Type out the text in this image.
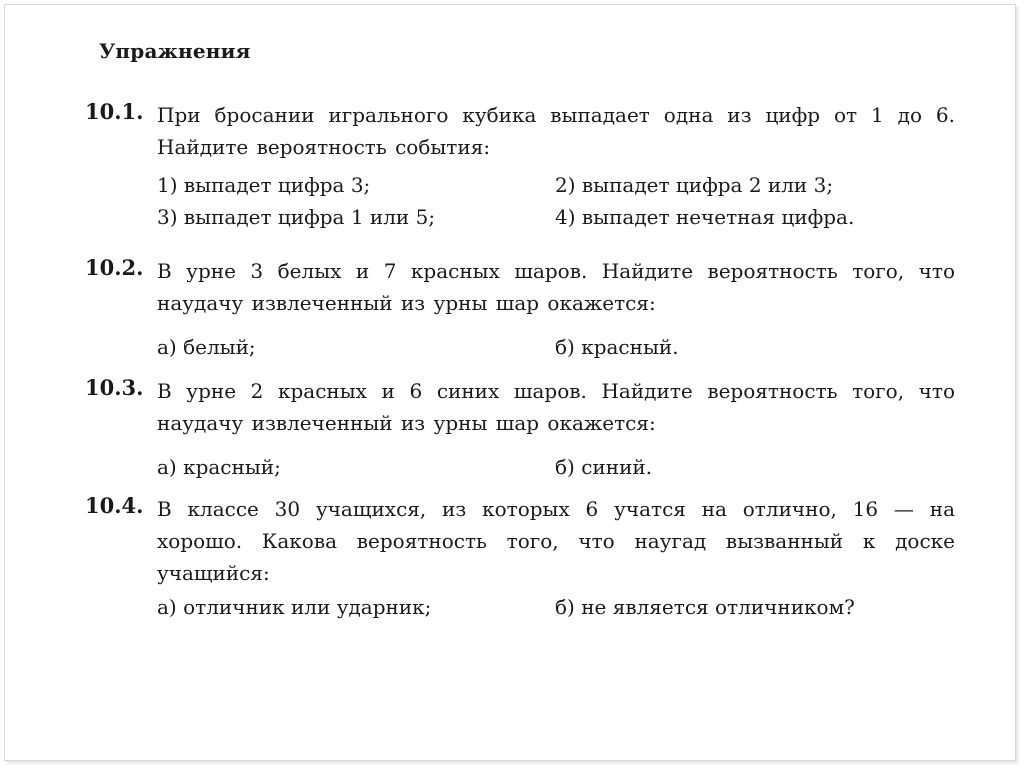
Упражнения
10.1. При бросании игрального кубика выпадает одна из цифр от 1 до 6. Найдите вероятность события:
1) выпадет цифра 3;	2) выпадет цифра 2 или 3;
3) выпадет цифра 1 или 5;	4) выпадет нечетная цифра.
10.2. В урне 3 белых и 7 красных шаров. Найдите вероятность того, что наудачу извлеченный из урны шар окажется:
а) белый;	б) красный.
10.3. В урне 2 красных и 6 синих шаров. Найдите вероятность того, что наудачу извлеченный из урны шар окажется:
а) красный;	б) синий.
10.4. В классе 30 учащихся, из которых 6 учатся на отлично, 16 — на хорошо. Какова вероятность того, что наугад вызванный к доске учащийся:
а) отличник или ударник;	б) не является отличником?
